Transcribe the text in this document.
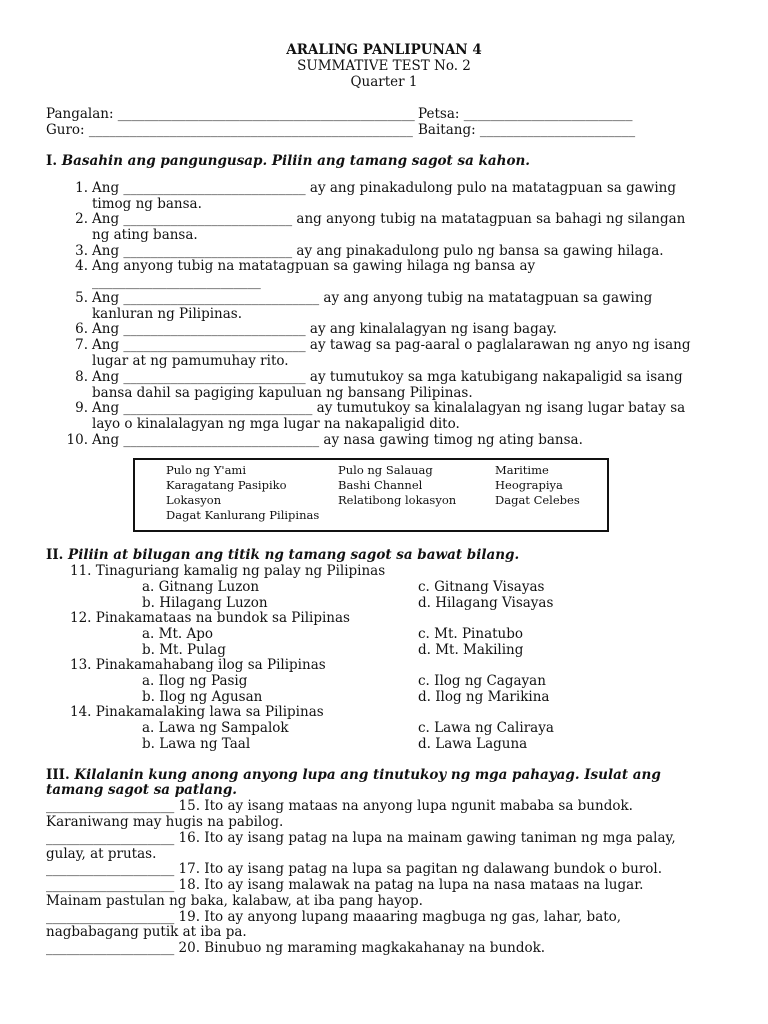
ARALING PANLIPUNAN 4
SUMMATIVE TEST No. 2
Quarter 1
Pangalan: ____________________________________________ Petsa: _________________________
Guro: ________________________________________________ Baitang: _______________________
I. Basahin ang pangungusap. Piliin ang tamang sagot sa kahon.
1. Ang ___________________________ ay ang pinakadulong pulo na matatagpuan sa gawing
timog ng bansa.
2. Ang _________________________ ang anyong tubig na matatagpuan sa bahagi ng silangan
ng ating bansa.
3. Ang _________________________ ay ang pinakadulong pulo ng bansa sa gawing hilaga.
4. Ang anyong tubig na matatagpuan sa gawing hilaga ng bansa ay
_________________________
5. Ang _____________________________ ay ang anyong tubig na matatagpuan sa gawing
kanluran ng Pilipinas.
6. Ang ___________________________ ay ang kinalalagyan ng isang bagay.
7. Ang ___________________________ ay tawag sa pag-aaral o paglalarawan ng anyo ng isang
lugar at ng pamumuhay rito.
8. Ang ___________________________ ay tumutukoy sa mga katubigang nakapaligid sa isang
bansa dahil sa pagiging kapuluan ng bansang Pilipinas.
9. Ang ____________________________ ay tumutukoy sa kinalalagyan ng isang lugar batay sa
layo o kinalalagyan ng mga lugar na nakapaligid dito.
10. Ang _____________________________ ay nasa gawing timog ng ating bansa.
Pulo ng Y'ami	Pulo ng Salauag	Maritime
Karagatang Pasipiko	Bashi Channel	Heograpiya
Lokasyon	Relatibong lokasyon	Dagat Celebes
Dagat Kanlurang Pilipinas
II. Piliin at bilugan ang titik ng tamang sagot sa bawat bilang.
11. Tinaguriang kamalig ng palay ng Pilipinas
a. Gitnang Luzon	c. Gitnang Visayas
b. Hilagang Luzon	d. Hilagang Visayas
12. Pinakamataas na bundok sa Pilipinas
a. Mt. Apo	c. Mt. Pinatubo
b. Mt. Pulag	d. Mt. Makiling
13. Pinakamahabang ilog sa Pilipinas
a. Ilog ng Pasig	c. Ilog ng Cagayan
b. Ilog ng Agusan	d. Ilog ng Marikina
14. Pinakamalaking lawa sa Pilipinas
a. Lawa ng Sampalok	c. Lawa ng Caliraya
b. Lawa ng Taal	d. Lawa Laguna
III. Kilalanin kung anong anyong lupa ang tinutukoy ng mga pahayag. Isulat ang
tamang sagot sa patlang.
___________________ 15. Ito ay isang mataas na anyong lupa ngunit mababa sa bundok.
Karaniwang may hugis na pabilog.
___________________ 16. Ito ay isang patag na lupa na mainam gawing taniman ng mga palay,
gulay, at prutas.
___________________ 17. Ito ay isang patag na lupa sa pagitan ng dalawang bundok o burol.
___________________ 18. Ito ay isang malawak na patag na lupa na nasa mataas na lugar.
Mainam pastulan ng baka, kalabaw, at iba pang hayop.
___________________ 19. Ito ay anyong lupang maaaring magbuga ng gas, lahar, bato,
nagbabagang putik at iba pa.
___________________ 20. Binubuo ng maraming magkakahanay na bundok.
